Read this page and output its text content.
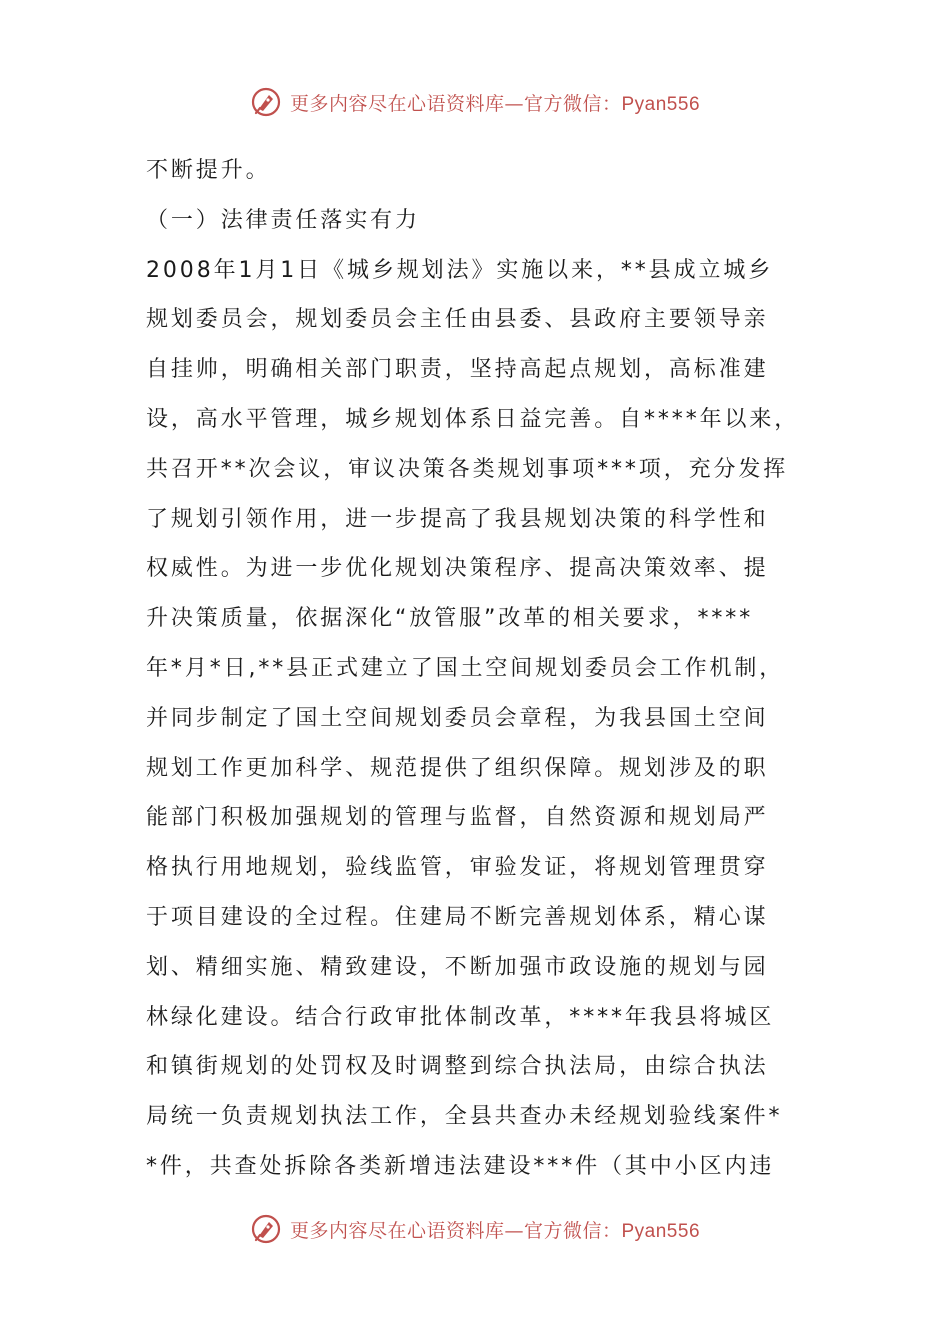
更多内容尽在心语资料库—官方微信：Pyan556
不断提升。
（一）法律责任落实有力
2008年1月1日《城乡规划法》实施以来，**县成立城乡
规划委员会，规划委员会主任由县委、县政府主要领导亲
自挂帅，明确相关部门职责，坚持高起点规划，高标准建
设，高水平管理，城乡规划体系日益完善。自****年以来，
共召开**次会议，审议决策各类规划事项***项，充分发挥
了规划引领作用，进一步提高了我县规划决策的科学性和
权威性。为进一步优化规划决策程序、提高决策效率、提
升决策质量，依据深化“放管服”改革的相关要求，****
年*月*日,**县正式建立了国土空间规划委员会工作机制，
并同步制定了国土空间规划委员会章程，为我县国土空间
规划工作更加科学、规范提供了组织保障。规划涉及的职
能部门积极加强规划的管理与监督，自然资源和规划局严
格执行用地规划，验线监管，审验发证，将规划管理贯穿
于项目建设的全过程。住建局不断完善规划体系，精心谋
划、精细实施、精致建设，不断加强市政设施的规划与园
林绿化建设。结合行政审批体制改革，****年我县将城区
和镇街规划的处罚权及时调整到综合执法局，由综合执法
局统一负责规划执法工作，全县共查办未经规划验线案件*
*件，共查处拆除各类新增违法建设***件（其中小区内违
更多内容尽在心语资料库—官方微信：Pyan556
